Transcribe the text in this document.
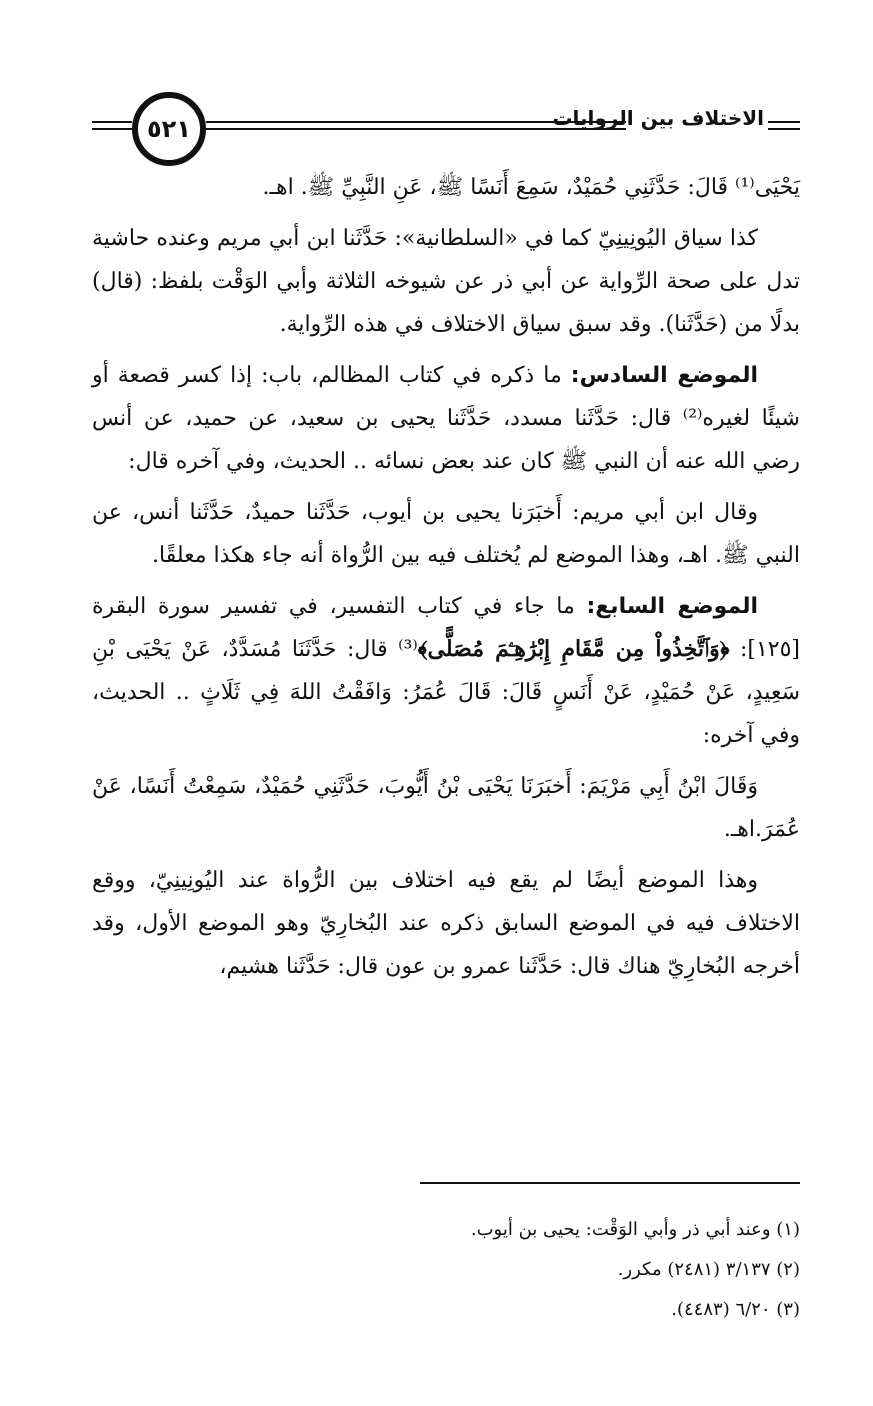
٥٢١	الاختلاف بين الروايات

يَحْيَى⁽¹⁾ قَالَ: حَدَّثَنِي حُمَيْدٌ، سَمِعَ أَنَسًا ﷺ، عَنِ النَّبِيِّ ﷺ. اهـ.

كذا سياق اليُونِينِيّ كما في «السلطانية»: حَدَّثَنا ابن أبي مريم وعنده حاشية تدل على صحة الرِّواية عن أبي ذر عن شيوخه الثلاثة وأبي الوَقْت بلفظ: (قال) بدلًا من (حَدَّثَنا). وقد سبق سياق الاختلاف في هذه الرِّواية.

الموضع السادس: ما ذكره في كتاب المظالم، باب: إذا كسر قصعة أو شيئًا لغيره⁽²⁾ قال: حَدَّثَنا مسدد، حَدَّثَنا يحيى بن سعيد، عن حميد، عن أنس رضي الله عنه أن النبي ﷺ كان عند بعض نسائه .. الحديث، وفي آخره قال:

وقال ابن أبي مريم: أَخبَرَنا يحيى بن أيوب، حَدَّثَنا حميدٌ، حَدَّثَنا أنس، عن النبي ﷺ. اهـ، وهذا الموضع لم يُختلف فيه بين الرُّواة أنه جاء هكذا معلقًا.

الموضع السابع: ما جاء في كتاب التفسير، في تفسير سورة البقرة [١٢٥]: ﴿وَٱتَّخِذُواْ مِن مَّقَامِ إِبْرَٰهِـۧمَ مُصَلًّى﴾⁽³⁾ قال: حَدَّثَنَا مُسَدَّدٌ، عَنْ يَحْيَى بْنِ سَعِيدٍ، عَنْ حُمَيْدٍ، عَنْ أَنَسٍ قَالَ: قَالَ عُمَرُ: وَافَقْتُ اللهَ فِي ثَلَاثٍ .. الحديث، وفي آخره:

وَقَالَ ابْنُ أَبِي مَرْيَمَ: أَخبَرَنَا يَحْيَى بْنُ أَيُّوبَ، حَدَّثَنِي حُمَيْدٌ، سَمِعْتُ أَنَسًا، عَنْ عُمَرَ.اهـ.

وهذا الموضع أيضًا لم يقع فيه اختلاف بين الرُّواة عند اليُونِينِيّ، ووقع الاختلاف فيه في الموضع السابق ذكره عند البُخارِيّ وهو الموضع الأول، وقد أخرجه البُخارِيّ هناك قال: حَدَّثَنا عمرو بن عون قال: حَدَّثَنا هشيم،

(١) وعند أبي ذر وأبي الوَقْت: يحيى بن أيوب.

(٢) ٣/١٣٧ (٢٤٨١) مكرر.

(٣) ٦/٢٠ (٤٤٨٣).
